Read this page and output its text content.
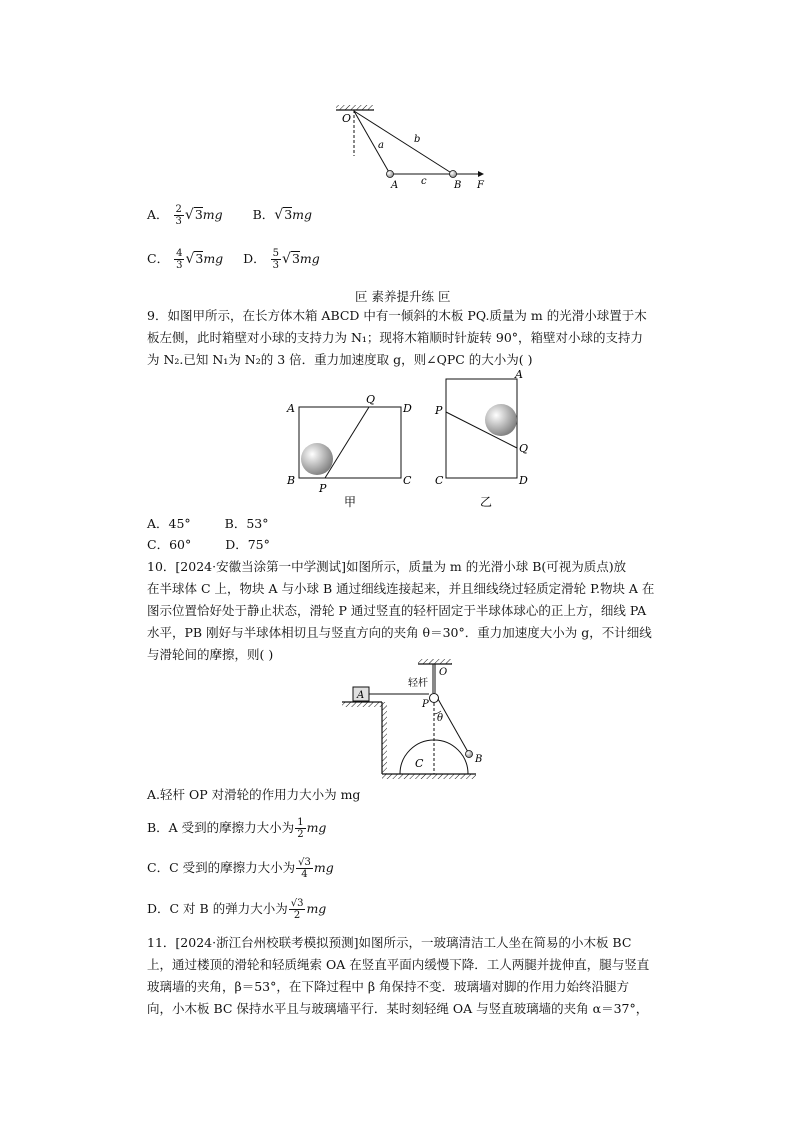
O
a
b
c
A	B F
A． $\frac{2}{3} √3mg$ B．√3mg
C． $\frac{4}{3} √3mg$ D． $\frac{5}{3} √3mg$
叵 素养提升练 叵
9．如图甲所示，在长方体木箱 ABCD 中有一倾斜的木板 PQ.质量为 m 的光滑小球置于木
板左侧，此时箱壁对小球的支持力为 N₁；现将木箱顺时针旋转 90°，箱壁对小球的支持力
为 N₂.已知 N₁为 N₂的 3 倍．重力加速度取 g，则∠QPC 的大小为( )
A
Q
D
B
P
C
甲
A
P
Q
C	D
乙
A．45°	B．53°
C．60°	D．75°
10．[2024·安徽当涂第一中学测试]如图所示，质量为 m 的光滑小球 B(可视为质点)放
在半球体 C 上，物块 A 与小球 B 通过细线连接起来，并且细线绕过轻质定滑轮 P.物块 A 在
图示位置恰好处于静止状态，滑轮 P 通过竖直的轻杆固定于半球体球心的正上方，细线 PA
水平，PB 刚好与半球体相切且与竖直方向的夹角 θ＝30°．重力加速度大小为 g，不计细线
与滑轮间的摩擦，则( )
A
轻杆
O
P
θ
C	B
A.轻杆 OP 对滑轮的作用力大小为 mg
B．A 受到的摩擦力大小为 $\frac{1}{2}$ mg
C．C 受到的摩擦力大小为 $\frac{√3}{4}$ mg
D．C 对 B 的弹力大小为 $\frac{√3}{2}$ mg
11．[2024·浙江台州校联考模拟预测]如图所示，一玻璃清洁工人坐在简易的小木板 BC
上，通过楼顶的滑轮和轻质绳索 OA 在竖直平面内缓慢下降．工人两腿并拢伸直，腿与竖直
玻璃墙的夹角，β＝53°，在下降过程中 β 角保持不变．玻璃墙对脚的作用力始终沿腿方
向，小木板 BC 保持水平且与玻璃墙平行．某时刻轻绳 OA 与竖直玻璃墙的夹角 α＝37°，
